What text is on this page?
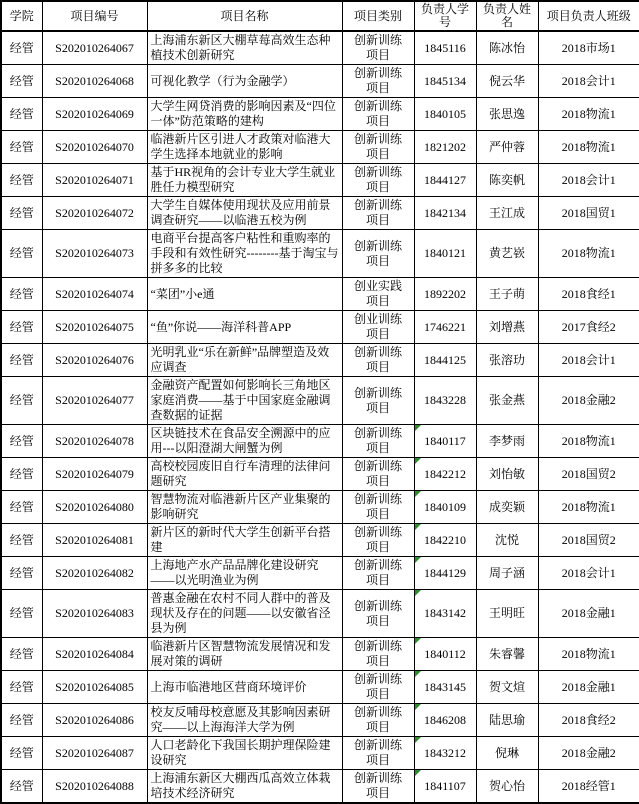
学院	项目编号	项目名称	项目类别	负责人学号	负责人姓名	项目负责人班级
经管	S202010264067	上海浦东新区大棚草莓高效生态种植技术创新研究	创新训练项目	1845116	陈冰怡	2018市场1
经管	S202010264068	可视化教学（行为金融学）	创新训练项目	1845134	倪云华	2018会计1
经管	S202010264069	大学生网贷消费的影响因素及“四位一体”防范策略的建构	创新训练项目	1840105	张思逸	2018物流1
经管	S202010264070	临港新片区引进人才政策对临港大学生选择本地就业的影响	创新训练项目	1821202	严仲蓉	2018物流1
经管	S202010264071	基于HR视角的会计专业大学生就业胜任力模型研究	创新训练项目	1844127	陈奕帆	2018会计1
经管	S202010264072	大学生自媒体使用现状及应用前景调查研究——以临港五校为例	创新训练项目	1842134	王江成	2018国贸1
经管	S202010264073	电商平台提高客户粘性和重购率的手段和有效性研究--------基于淘宝与拼多多的比较	创新训练项目	1840121	黄艺嵚	2018物流1
经管	S202010264074	“菜团”小e通	创业实践项目	1892202	王子萌	2018食经1
经管	S202010264075	“鱼”你说——海洋科普APP	创业训练项目	1746221	刘增燕	2017食经2
经管	S202010264076	光明乳业“乐在新鲜”品牌塑造及效应调查	创新训练项目	1844125	张溶玏	2018会计1
经管	S202010264077	金融资产配置如何影响长三角地区家庭消费——基于中国家庭金融调查数据的证据	创新训练项目	1843228	张金燕	2018金融2
经管	S202010264078	区块链技术在食品安全溯源中的应用---以阳澄湖大闸蟹为例	创新训练项目	1840117	李梦雨	2018物流1
经管	S202010264079	高校校园废旧自行车清理的法律问题研究	创新训练项目	1842212	刘怡敏	2018国贸2
经管	S202010264080	智慧物流对临港新片区产业集聚的影响研究	创新训练项目	1840109	成奕颖	2018物流1
经管	S202010264081	新片区的新时代大学生创新平台搭建	创新训练项目	1842210	沈悦	2018国贸2
经管	S202010264082	上海地产水产品品牌化建设研究——以光明渔业为例	创新训练项目	1844129	周子涵	2018会计1
经管	S202010264083	普惠金融在农村不同人群中的普及现状及存在的问题——以安徽省泾县为例	创新训练项目	1843142	王明旺	2018金融1
经管	S202010264084	临港新片区智慧物流发展情况和发展对策的调研	创新训练项目	1840112	朱睿馨	2018物流1
经管	S202010264085	上海市临港地区营商环境评价	创新训练项目	1843145	贺文煊	2018金融1
经管	S202010264086	校友反哺母校意愿及其影响因素研究——以上海海洋大学为例	创新训练项目	1846208	陆思瑜	2018食经2
经管	S202010264087	人口老龄化下我国长期护理保险建设研究	创新训练项目	1843212	倪琳	2018金融2
经管	S202010264088	上海浦东新区大棚西瓜高效立体栽培技术经济研究	创新训练项目	1841107	贺心怡	2018经管1
